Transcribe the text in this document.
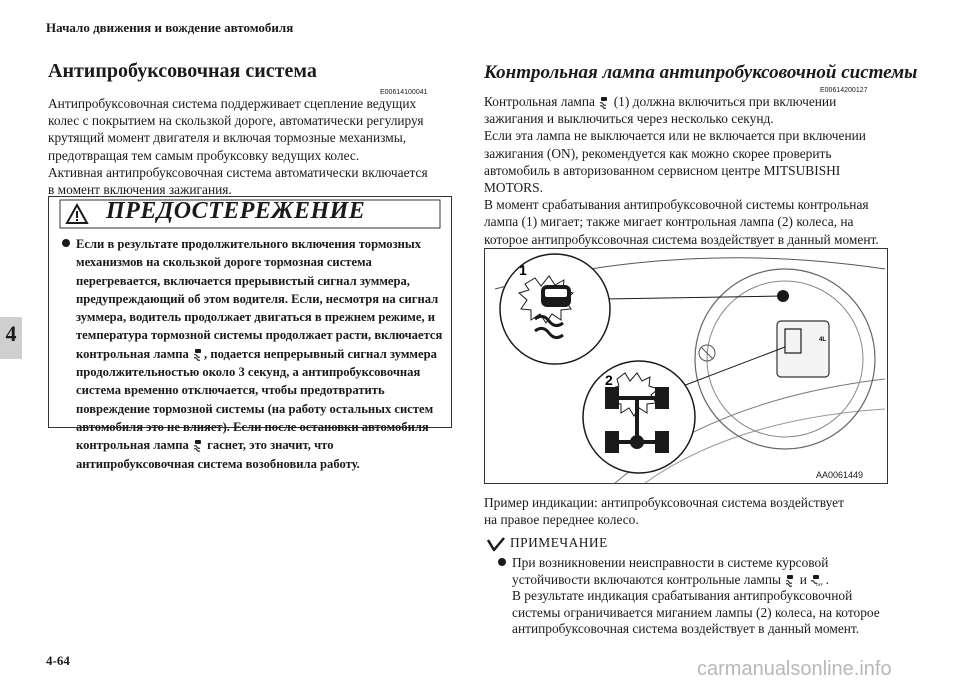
Начало движения и вождение автомобиля
4
Антипробуксовочная система
E00614100041
Антипробуксовочная система поддерживает сцепление ведущих
колес с покрытием на скользкой дороге, автоматически регулируя
крутящий момент двигателя и включая тормозные механизмы,
предотвращая тем самым пробуксовку ведущих колес.
Активная антипробуксовочная система автоматически включается
в момент включения зажигания.
ПРЕДОСТЕРЕЖЕНИЕ
Если в результате продолжительного включения тормозных
механизмов на скользкой дороге тормозная система
перегревается, включается прерывистый сигнал зуммера,
предупреждающий об этом водителя. Если, несмотря на сигнал
зуммера, водитель продолжает двигаться в прежнем режиме, и
температура тормозной системы продолжает расти, включается
контрольная лампа , подается непрерывный сигнал зуммера
продолжительностью около 3 секунд, а антипробуксовочная
система временно отключается, чтобы предотвратить
повреждение тормозной системы (на работу остальных систем
автомобиля это не влияет). Если после остановки автомобиля
контрольная лампа гаснет, это значит, что
антипробуксовочная система возобновила работу.
Контрольная лампа антипробуксовочной системы
E00614200127
Контрольная лампа (1) должна включиться при включении
зажигания и выключиться через несколько секунд.
Если эта лампа не выключается или не включается при включении
зажигания (ON), рекомендуется как можно скорее проверить
автомобиль в авторизованном сервисном центре MITSUBISHI
MOTORS.
В момент срабатывания антипробуксовочной системы контрольная
лампа (1) мигает; также мигает контрольная лампа (2) колеса, на
которое антипробуксовочная система воздействует в данный момент.
4L
1
2
AA0061449
Пример индикации: антипробуксовочная система воздействует
на правое переднее колесо.
ПРИМЕЧАНИЕ
При возникновении неисправности в системе курсовой
устойчивости включаются контрольные лампы и	OFF .
В результате индикация срабатывания антипробуксовочной
системы ограничивается миганием лампы (2) колеса, на которое
антипробуксовочная система воздействует в данный момент.
4-64	carmanualsonline.info
